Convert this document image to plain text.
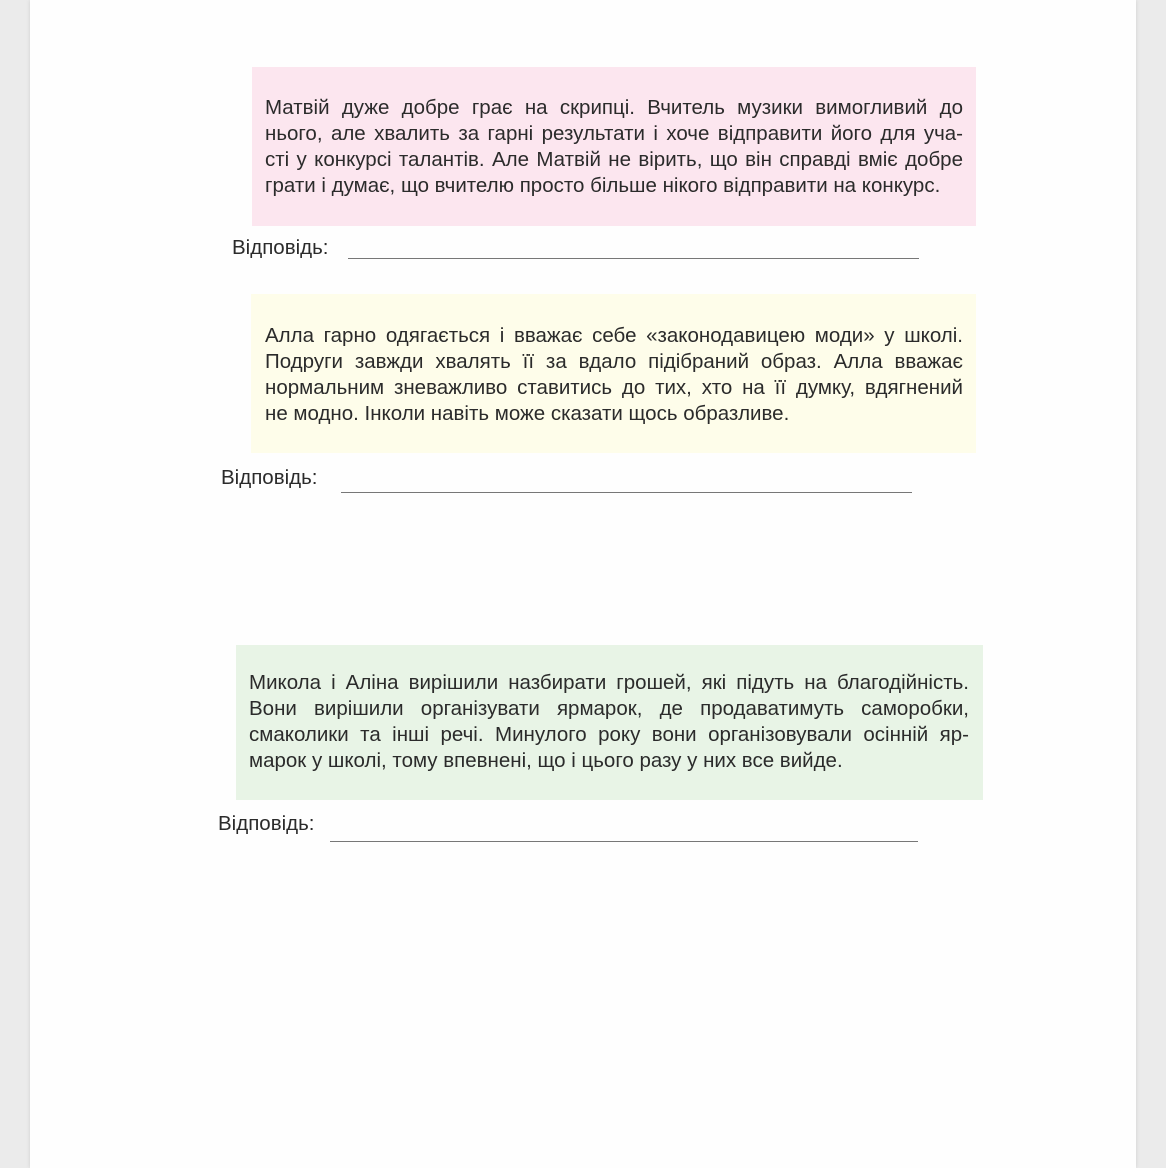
Матвій дуже добре грає на скрипці. Вчитель музики вимогливий до
нього, але хвалить за гарні результати і хоче відправити його для уча-
сті у конкурсі талантів. Але Матвій не вірить, що він справді вміє добре
грати і думає, що вчителю просто більше нікого відправити на конкурс.

Відповідь:

Алла гарно одягається і вважає себе «законодавицею моди» у школі.
Подруги завжди хвалять її за вдало підібраний образ. Алла вважає
нормальним зневажливо ставитись до тих, хто на її думку, вдягнений
не модно. Інколи навіть може сказати щось образливе.

Відповідь:

Микола і Аліна вирішили назбирати грошей, які підуть на благодійність.
Вони вирішили організувати ярмарок, де продаватимуть саморобки,
смаколики та інші речі. Минулого року вони організовували осінній яр-
марок у школі, тому впевнені, що і цього разу у них все вийде.

Відповідь:
